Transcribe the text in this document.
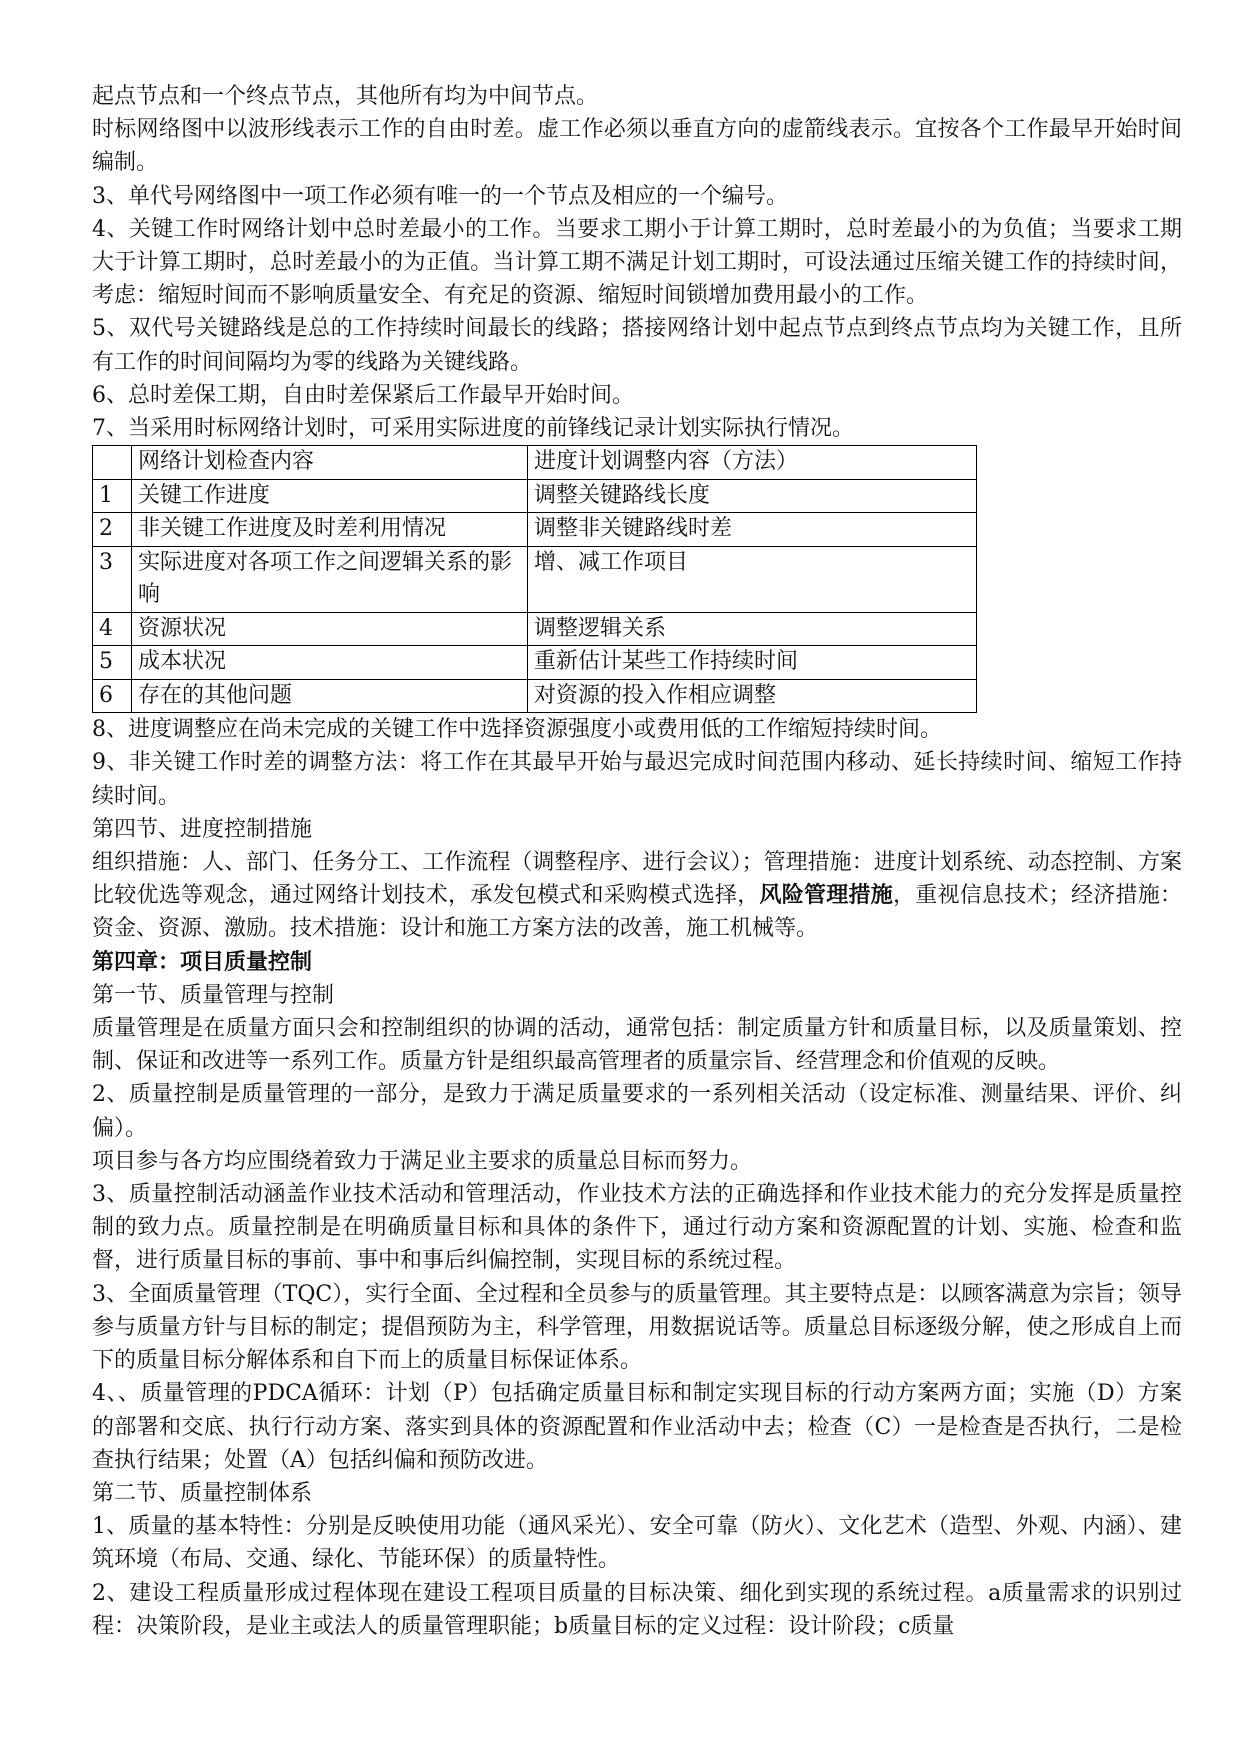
起点节点和一个终点节点，其他所有均为中间节点。

时标网络图中以波形线表示工作的自由时差。虚工作必须以垂直方向的虚箭线表示。宜按各个工作最早开始时间编制。

3、单代号网络图中一项工作必须有唯一的一个节点及相应的一个编号。

4、关键工作时网络计划中总时差最小的工作。当要求工期小于计算工期时，总时差最小的为负值；当要求工期大于计算工期时，总时差最小的为正值。当计算工期不满足计划工期时，可设法通过压缩关键工作的持续时间，考虑：缩短时间而不影响质量安全、有充足的资源、缩短时间锁增加费用最小的工作。

5、双代号关键路线是总的工作持续时间最长的线路；搭接网络计划中起点节点到终点节点均为关键工作，且所有工作的时间间隔均为零的线路为关键线路。

6、总时差保工期，自由时差保紧后工作最早开始时间。

7、当采用时标网络计划时，可采用实际进度的前锋线记录计划实际执行情况。

	网络计划检查内容	进度计划调整内容（方法）
1	关键工作进度	调整关键路线长度
2	非关键工作进度及时差利用情况	调整非关键路线时差
3	实际进度对各项工作之间逻辑关系的影响	增、减工作项目
4	资源状况	调整逻辑关系
5	成本状况	重新估计某些工作持续时间
6	存在的其他问题	对资源的投入作相应调整

8、进度调整应在尚未完成的关键工作中选择资源强度小或费用低的工作缩短持续时间。

9、非关键工作时差的调整方法：将工作在其最早开始与最迟完成时间范围内移动、延长持续时间、缩短工作持续时间。

第四节、进度控制措施

组织措施：人、部门、任务分工、工作流程（调整程序、进行会议）；管理措施：进度计划系统、动态控制、方案比较优选等观念，通过网络计划技术，承发包模式和采购模式选择，风险管理措施，重视信息技术；经济措施：资金、资源、激励。技术措施：设计和施工方案方法的改善，施工机械等。

第四章：项目质量控制

第一节、质量管理与控制

质量管理是在质量方面只会和控制组织的协调的活动，通常包括：制定质量方针和质量目标，以及质量策划、控制、保证和改进等一系列工作。质量方针是组织最高管理者的质量宗旨、经营理念和价值观的反映。

2、质量控制是质量管理的一部分，是致力于满足质量要求的一系列相关活动（设定标准、测量结果、评价、纠偏）。

项目参与各方均应围绕着致力于满足业主要求的质量总目标而努力。

3、质量控制活动涵盖作业技术活动和管理活动，作业技术方法的正确选择和作业技术能力的充分发挥是质量控制的致力点。质量控制是在明确质量目标和具体的条件下，通过行动方案和资源配置的计划、实施、检查和监督，进行质量目标的事前、事中和事后纠偏控制，实现目标的系统过程。

3、全面质量管理（TQC），实行全面、全过程和全员参与的质量管理。其主要特点是：以顾客满意为宗旨；领导参与质量方针与目标的制定；提倡预防为主，科学管理，用数据说话等。质量总目标逐级分解，使之形成自上而下的质量目标分解体系和自下而上的质量目标保证体系。

4、、质量管理的PDCA循环：计划（P）包括确定质量目标和制定实现目标的行动方案两方面；实施（D）方案的部署和交底、执行行动方案、落实到具体的资源配置和作业活动中去；检查（C）一是检查是否执行，二是检查执行结果；处置（A）包括纠偏和预防改进。

第二节、质量控制体系

1、质量的基本特性：分别是反映使用功能（通风采光）、安全可靠（防火）、文化艺术（造型、外观、内涵）、建筑环境（布局、交通、绿化、节能环保）的质量特性。

2、建设工程质量形成过程体现在建设工程项目质量的目标决策、细化到实现的系统过程。a质量需求的识别过程：决策阶段，是业主或法人的质量管理职能；b质量目标的定义过程：设计阶段；c质量
